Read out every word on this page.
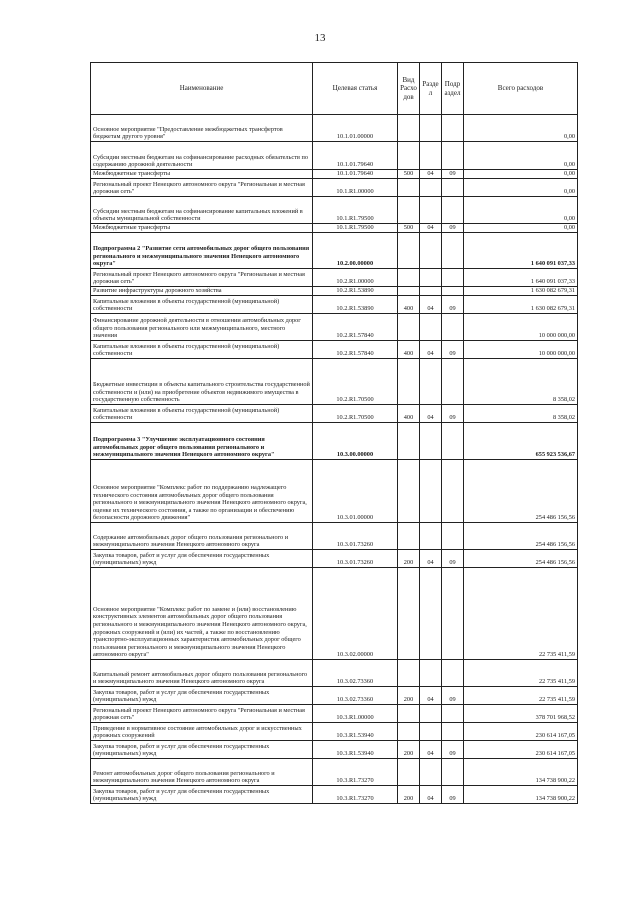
13
Наименование	Целевая статья	Вид Расхо дов	Разде л	Подр аздел	Всего расходов
Основное мероприятие "Предоставление межбюджетных трансфертов бюджетам другого уровня"	10.1.01.00000				0,00
Субсидии местным бюджетам на софинансирование расходных обязательств по содержанию дорожной деятельности	10.1.01.79640				0,00
Межбюджетные трансферты	10.1.01.79640	500	04	09	0,00
Региональный проект Ненецкого автономного округа "Региональная и местная дорожная сеть"	10.1.R1.00000				0,00
Субсидии местным бюджетам на софинансирование капитальных вложений в объекты муниципальной собственности	10.1.R1.79500				0,00
Межбюджетные трансферты	10.1.R1.79500	500	04	09	0,00
Подпрограмма 2 "Развитие сети автомобильных дорог общего пользования регионального и межмуниципального значения Ненецкого автономного округа"	10.2.00.00000				1 640 091 037,33
Региональный проект Ненецкого автономного округа "Региональная и местная дорожная сеть"	10.2.R1.00000				1 640 091 037,33
Развитие инфраструктуры дорожного хозяйства	10.2.R1.53890				1 630 082 679,31
Капитальные вложения в объекты государственной (муниципальной) собственности	10.2.R1.53890	400	04	09	1 630 082 679,31
Финансирование дорожной деятельности в отношении автомобильных дорог общего пользования регионального или межмуниципального, местного значения	10.2.R1.57840				10 000 000,00
Капитальные вложения в объекты государственной (муниципальной) собственности	10.2.R1.57840	400	04	09	10 000 000,00
Бюджетные инвестиции в объекты капитального строительства государственной собственности и (или) на приобретение объектов недвижимого имущества в государственную собственность	10.2.R1.70500				8 358,02
Капитальные вложения в объекты государственной (муниципальной) собственности	10.2.R1.70500	400	04	09	8 358,02
Подпрограмма 3 "Улучшение эксплуатационного состояния автомобильных дорог общего пользования регионального и межмуниципального значения Ненецкого автономного округа"	10.3.00.00000				655 923 536,67
Основное мероприятие "Комплекс работ по поддержанию надлежащего технического состояния автомобильных дорог общего пользования регионального и межмуниципального значения Ненецкого автономного округа, оценке их технического состояния, а также по организации и обеспечению безопасности дорожного движения"	10.3.01.00000				254 486 156,56
Содержание автомобильных дорог общего пользования регионального и межмуниципального значения Ненецкого автономного округа	10.3.01.73260				254 486 156,56
Закупка товаров, работ и услуг для обеспечения государственных (муниципальных) нужд	10.3.01.73260	200	04	09	254 486 156,56
Основное мероприятие "Комплекс работ по замене и (или) восстановлению конструктивных элементов автомобильных дорог общего пользования регионального и межмуниципального значения Ненецкого автономного округа, дорожных сооружений и (или) их частей, а также по восстановлению транспортно-эксплуатационных характеристик автомобильных дорог общего пользования регионального и межмуниципального значения Ненецкого автономного округа"	10.3.02.00000				22 735 411,59
Капитальный ремонт автомобильных дорог общего пользования регионального и межмуниципального значения Ненецкого автономного округа	10.3.02.73360				22 735 411,59
Закупка товаров, работ и услуг для обеспечения государственных (муниципальных) нужд	10.3.02.73360	200	04	09	22 735 411,59
Региональный проект Ненецкого автономного округа "Региональная и местная дорожная сеть"	10.3.R1.00000				378 701 968,52
Приведение в нормативное состояние автомобильных дорог и искусственных дорожных сооружений	10.3.R1.53940				230 614 167,05
Закупка товаров, работ и услуг для обеспечения государственных (муниципальных) нужд	10.3.R1.53940	200	04	09	230 614 167,05
Ремонт автомобильных дорог общего пользования регионального и межмуниципального значения Ненецкого автономного округа	10.3.R1.73270				134 738 900,22
Закупка товаров, работ и услуг для обеспечения государственных (муниципальных) нужд	10.3.R1.73270	200	04	09	134 738 900,22
